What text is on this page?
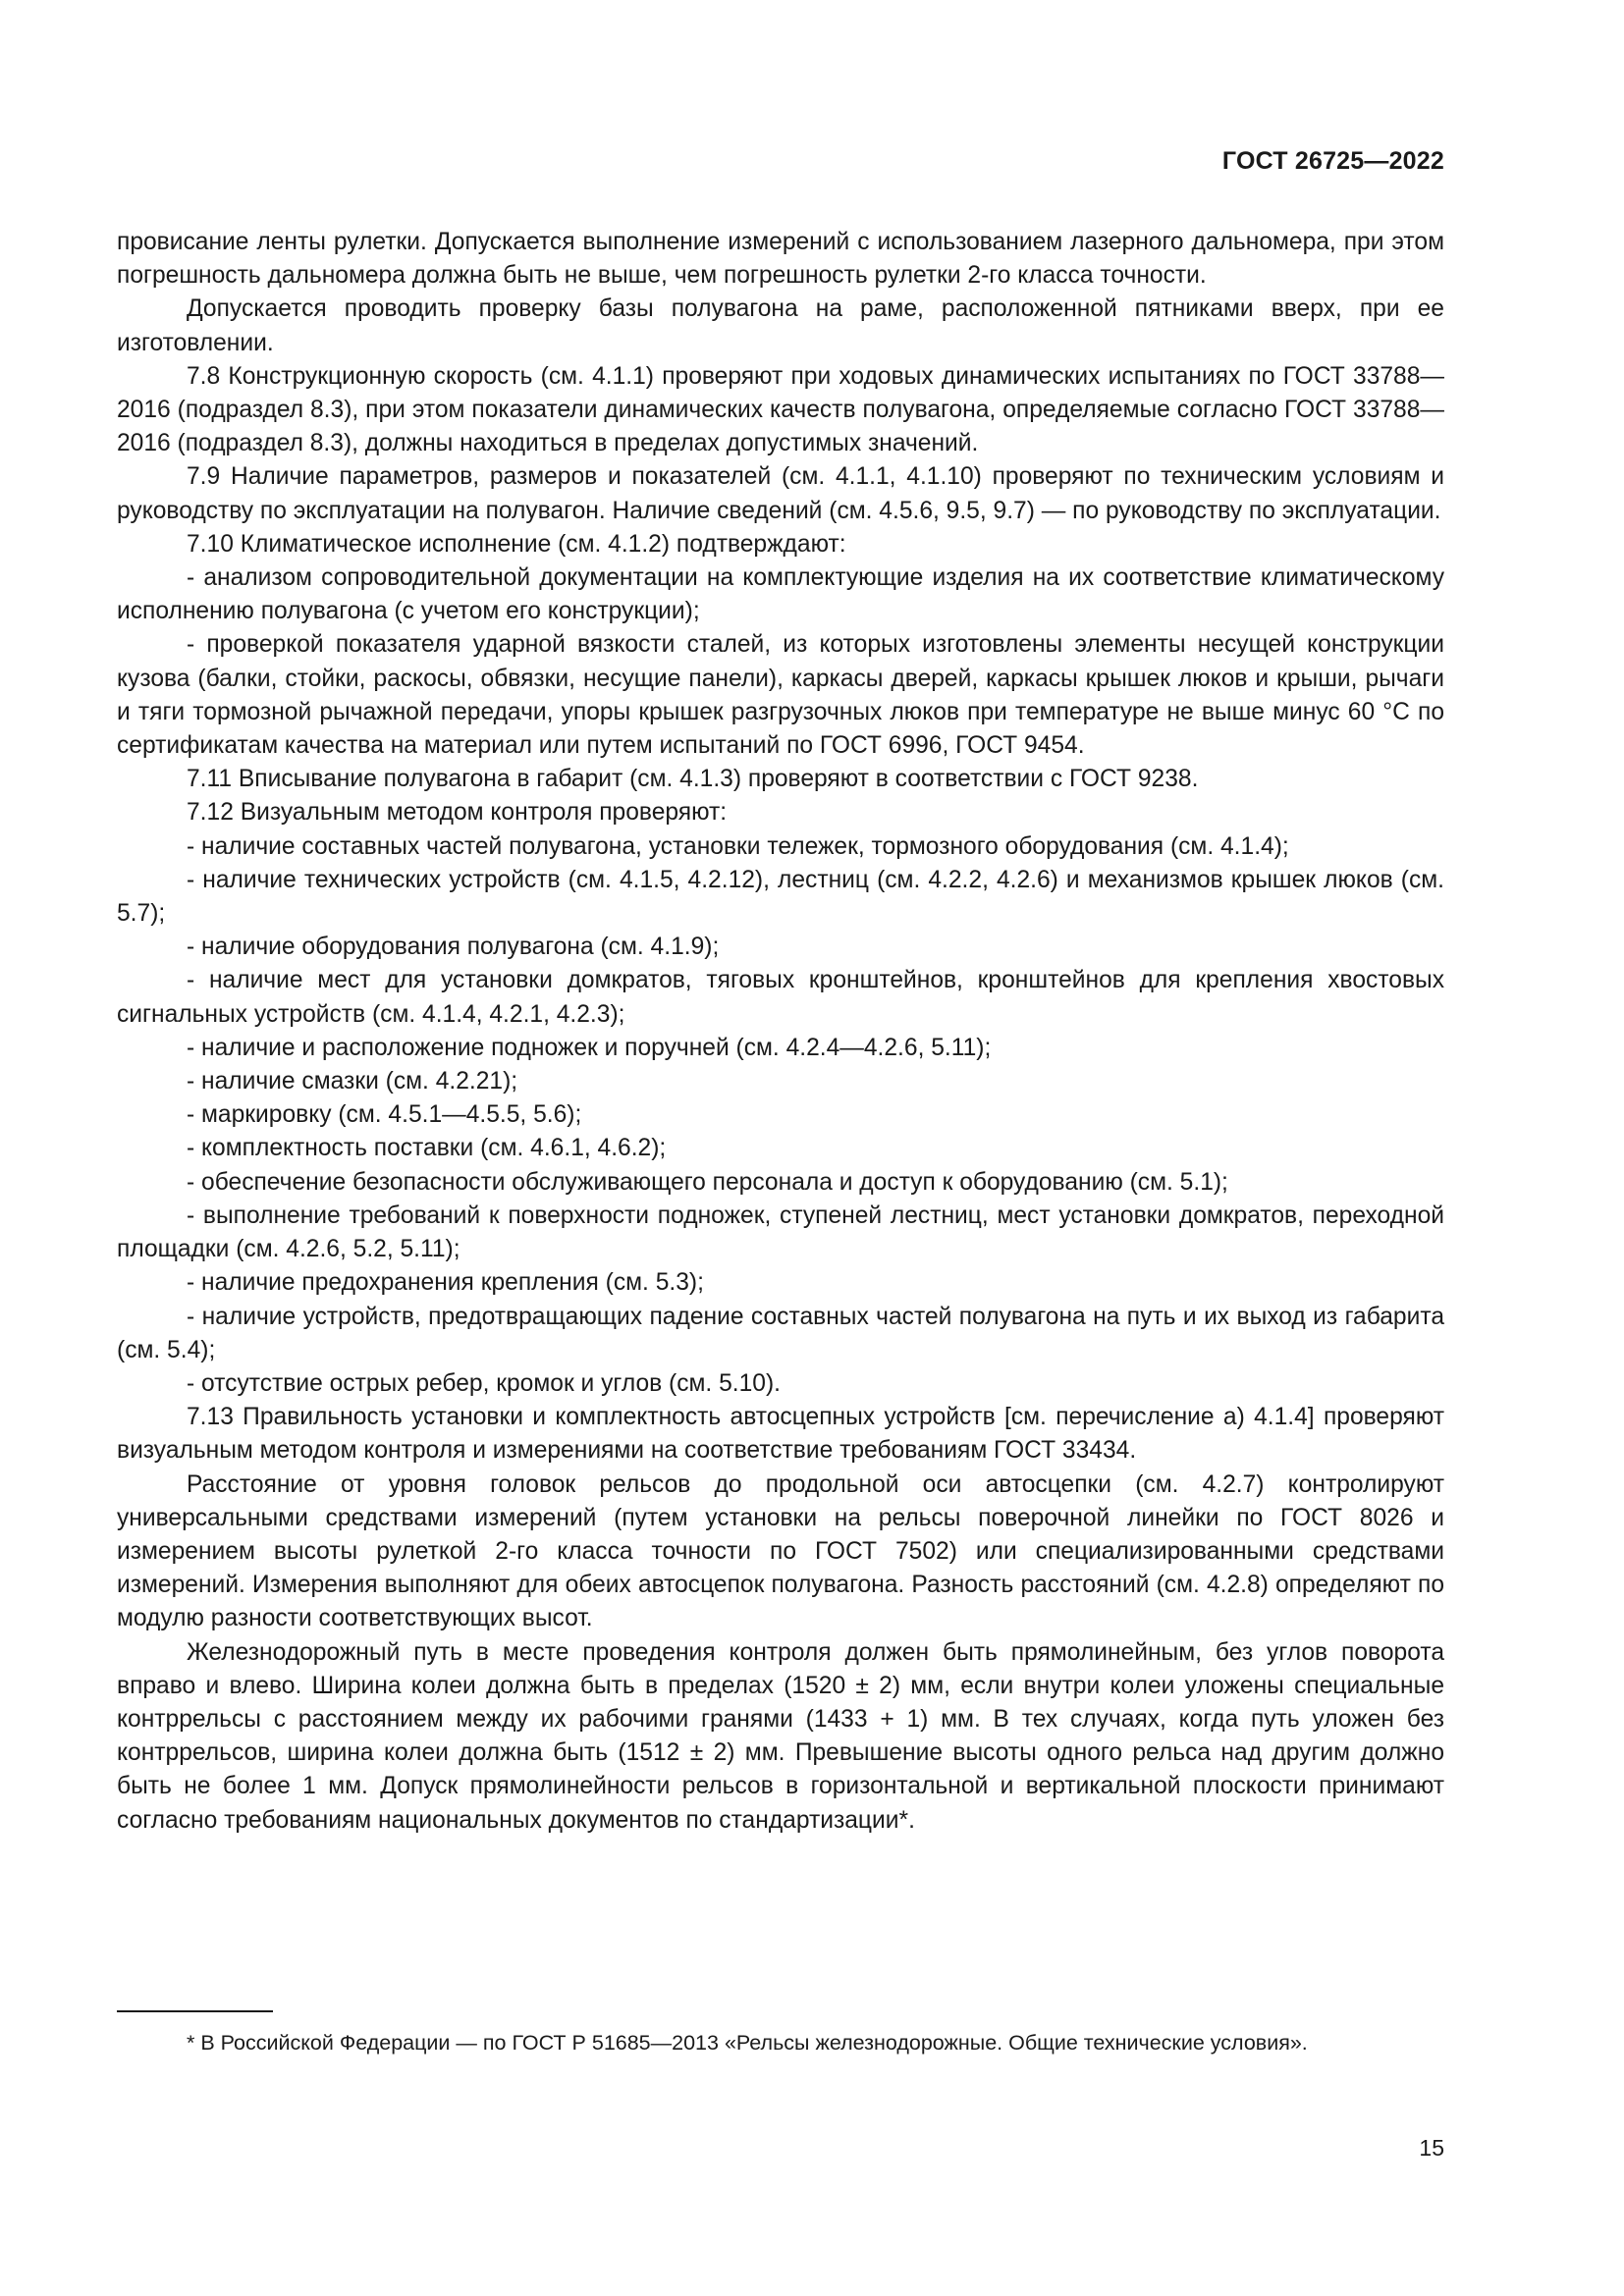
ГОСТ 26725—2022

провисание ленты рулетки. Допускается выполнение измерений с использованием лазерного дальномера, при этом погрешность дальномера должна быть не выше, чем погрешность рулетки 2-го класса точности.

Допускается проводить проверку базы полувагона на раме, расположенной пятниками вверх, при ее изготовлении.

7.8 Конструкционную скорость (см. 4.1.1) проверяют при ходовых динамических испытаниях по ГОСТ 33788—2016 (подраздел 8.3), при этом показатели динамических качеств полувагона, определяемые согласно ГОСТ 33788—2016 (подраздел 8.3), должны находиться в пределах допустимых значений.

7.9 Наличие параметров, размеров и показателей (см. 4.1.1, 4.1.10) проверяют по техническим условиям и руководству по эксплуатации на полувагон. Наличие сведений (см. 4.5.6, 9.5, 9.7) — по руководству по эксплуатации.

7.10 Климатическое исполнение (см. 4.1.2) подтверждают:

- анализом сопроводительной документации на комплектующие изделия на их соответствие климатическому исполнению полувагона (с учетом его конструкции);

- проверкой показателя ударной вязкости сталей, из которых изготовлены элементы несущей конструкции кузова (балки, стойки, раскосы, обвязки, несущие панели), каркасы дверей, каркасы крышек люков и крыши, рычаги и тяги тормозной рычажной передачи, упоры крышек разгрузочных люков при температуре не выше минус 60 °С по сертификатам качества на материал или путем испытаний по ГОСТ 6996, ГОСТ 9454.

7.11 Вписывание полувагона в габарит (см. 4.1.3) проверяют в соответствии с ГОСТ 9238.

7.12 Визуальным методом контроля проверяют:

- наличие составных частей полувагона, установки тележек, тормозного оборудования (см. 4.1.4);

- наличие технических устройств (см. 4.1.5, 4.2.12), лестниц (см. 4.2.2, 4.2.6) и механизмов крышек люков (см. 5.7);

- наличие оборудования полувагона (см. 4.1.9);

- наличие мест для установки домкратов, тяговых кронштейнов, кронштейнов для крепления хвостовых сигнальных устройств (см. 4.1.4, 4.2.1, 4.2.3);

- наличие и расположение подножек и поручней (см. 4.2.4—4.2.6, 5.11);

- наличие смазки (см. 4.2.21);

- маркировку (см. 4.5.1—4.5.5, 5.6);

- комплектность поставки (см. 4.6.1, 4.6.2);

- обеспечение безопасности обслуживающего персонала и доступ к оборудованию (см. 5.1);

- выполнение требований к поверхности подножек, ступеней лестниц, мест установки домкратов, переходной площадки (см. 4.2.6, 5.2, 5.11);

- наличие предохранения крепления (см. 5.3);

- наличие устройств, предотвращающих падение составных частей полувагона на путь и их выход из габарита (см. 5.4);

- отсутствие острых ребер, кромок и углов (см. 5.10).

7.13 Правильность установки и комплектность автосцепных устройств [см. перечисление а) 4.1.4] проверяют визуальным методом контроля и измерениями на соответствие требованиям ГОСТ 33434.

Расстояние от уровня головок рельсов до продольной оси автосцепки (см. 4.2.7) контролируют универсальными средствами измерений (путем установки на рельсы поверочной линейки по ГОСТ 8026 и измерением высоты рулеткой 2-го класса точности по ГОСТ 7502) или специализированными средствами измерений. Измерения выполняют для обеих автосцепок полувагона. Разность расстояний (см. 4.2.8) определяют по модулю разности соответствующих высот.

Железнодорожный путь в месте проведения контроля должен быть прямолинейным, без углов поворота вправо и влево. Ширина колеи должна быть в пределах (1520 ± 2) мм, если внутри колеи уложены специальные контррельсы с расстоянием между их рабочими гранями (1433 + 1) мм. В тех случаях, когда путь уложен без контррельсов, ширина колеи должна быть (1512 ± 2) мм. Превышение высоты одного рельса над другим должно быть не более 1 мм. Допуск прямолинейности рельсов в горизонтальной и вертикальной плоскости принимают согласно требованиям национальных документов по стандартизации*.

* В Российской Федерации — по ГОСТ Р 51685—2013 «Рельсы железнодорожные. Общие технические условия».
15
